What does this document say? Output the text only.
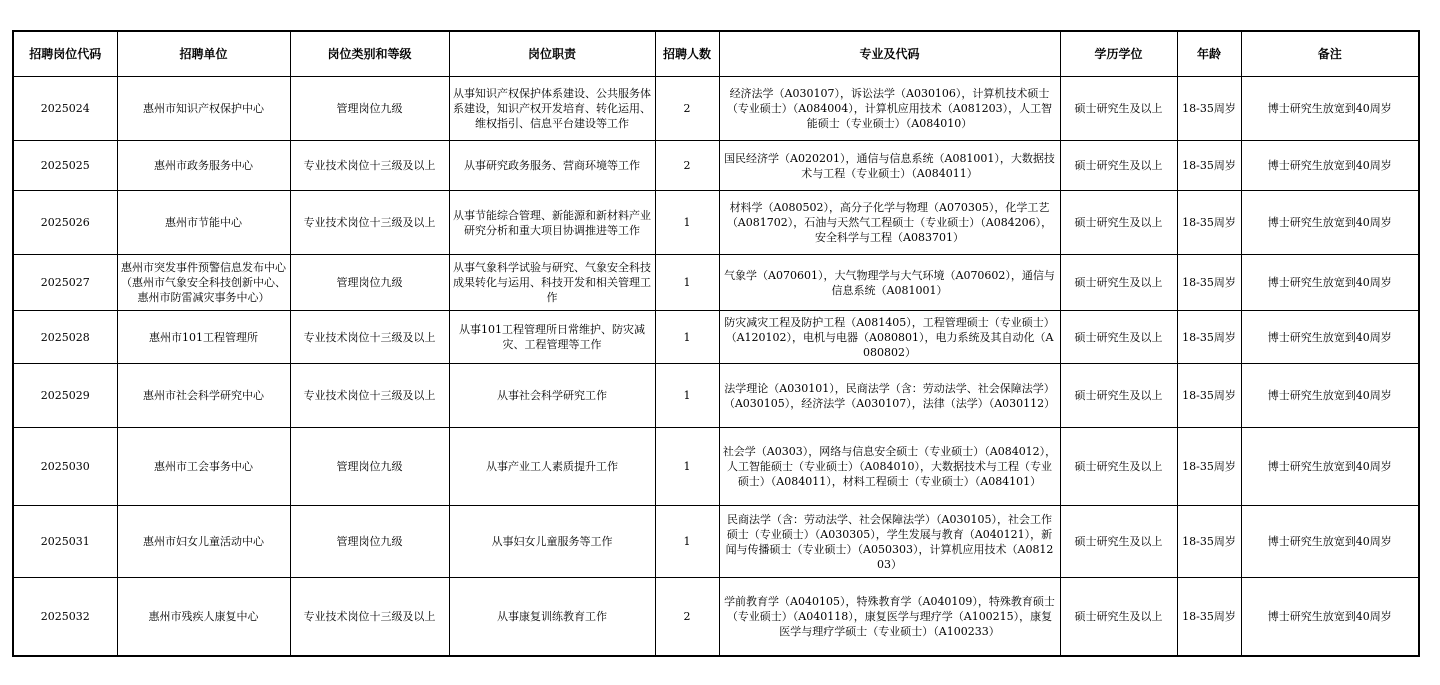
招聘岗位代码	招聘单位	岗位类别和等级	岗位职责	招聘人数	专业及代码	学历学位	年龄	备注
2025024	惠州市知识产权保护中心	管理岗位九级	从事知识产权保护体系建设、公共服务体系建设，知识产权开发培育、转化运用、维权指引、信息平台建设等工作	2	经济法学（A030107），诉讼法学（A030106），计算机技术硕士（专业硕士）（A084004），计算机应用技术（A081203），人工智能硕士（专业硕士）（A084010）	硕士研究生及以上	18-35周岁	博士研究生放宽到40周岁
2025025	惠州市政务服务中心	专业技术岗位十三级及以上	从事研究政务服务、营商环境等工作	2	国民经济学（A020201），通信与信息系统（A081001），大数据技术与工程（专业硕士）（A084011）	硕士研究生及以上	18-35周岁	博士研究生放宽到40周岁
2025026	惠州市节能中心	专业技术岗位十三级及以上	从事节能综合管理、新能源和新材料产业研究分析和重大项目协调推进等工作	1	材料学（A080502），高分子化学与物理（A070305），化学工艺（A081702），石油与天然气工程硕士（专业硕士）（A084206），安全科学与工程（A083701）	硕士研究生及以上	18-35周岁	博士研究生放宽到40周岁
2025027	惠州市突发事件预警信息发布中心（惠州市气象安全科技创新中心、惠州市防雷减灾事务中心）	管理岗位九级	从事气象科学试验与研究、气象安全科技成果转化与运用、科技开发和相关管理工作	1	气象学（A070601），大气物理学与大气环境（A070602），通信与信息系统（A081001）	硕士研究生及以上	18-35周岁	博士研究生放宽到40周岁
2025028	惠州市101工程管理所	专业技术岗位十三级及以上	从事101工程管理所日常维护、防灾减灾、工程管理等工作	1	防灾减灾工程及防护工程（A081405），工程管理硕士（专业硕士）（A120102），电机与电器（A080801），电力系统及其自动化（A080802）	硕士研究生及以上	18-35周岁	博士研究生放宽到40周岁
2025029	惠州市社会科学研究中心	专业技术岗位十三级及以上	从事社会科学研究工作	1	法学理论（A030101），民商法学（含：劳动法学、社会保障法学）（A030105），经济法学（A030107），法律（法学）（A030112）	硕士研究生及以上	18-35周岁	博士研究生放宽到40周岁
2025030	惠州市工会事务中心	管理岗位九级	从事产业工人素质提升工作	1	社会学（A0303），网络与信息安全硕士（专业硕士）（A084012），人工智能硕士（专业硕士）（A084010），大数据技术与工程（专业硕士）（A084011），材料工程硕士（专业硕士）（A084101）	硕士研究生及以上	18-35周岁	博士研究生放宽到40周岁
2025031	惠州市妇女儿童活动中心	管理岗位九级	从事妇女儿童服务等工作	1	民商法学（含：劳动法学、社会保障法学）（A030105），社会工作硕士（专业硕士）（A030305），学生发展与教育（A040121），新闻与传播硕士（专业硕士）（A050303），计算机应用技术（A081203）	硕士研究生及以上	18-35周岁	博士研究生放宽到40周岁
2025032	惠州市残疾人康复中心	专业技术岗位十三级及以上	从事康复训练教育工作	2	学前教育学（A040105），特殊教育学（A040109），特殊教育硕士（专业硕士）（A040118），康复医学与理疗学（A100215），康复医学与理疗学硕士（专业硕士）（A100233）	硕士研究生及以上	18-35周岁	博士研究生放宽到40周岁
